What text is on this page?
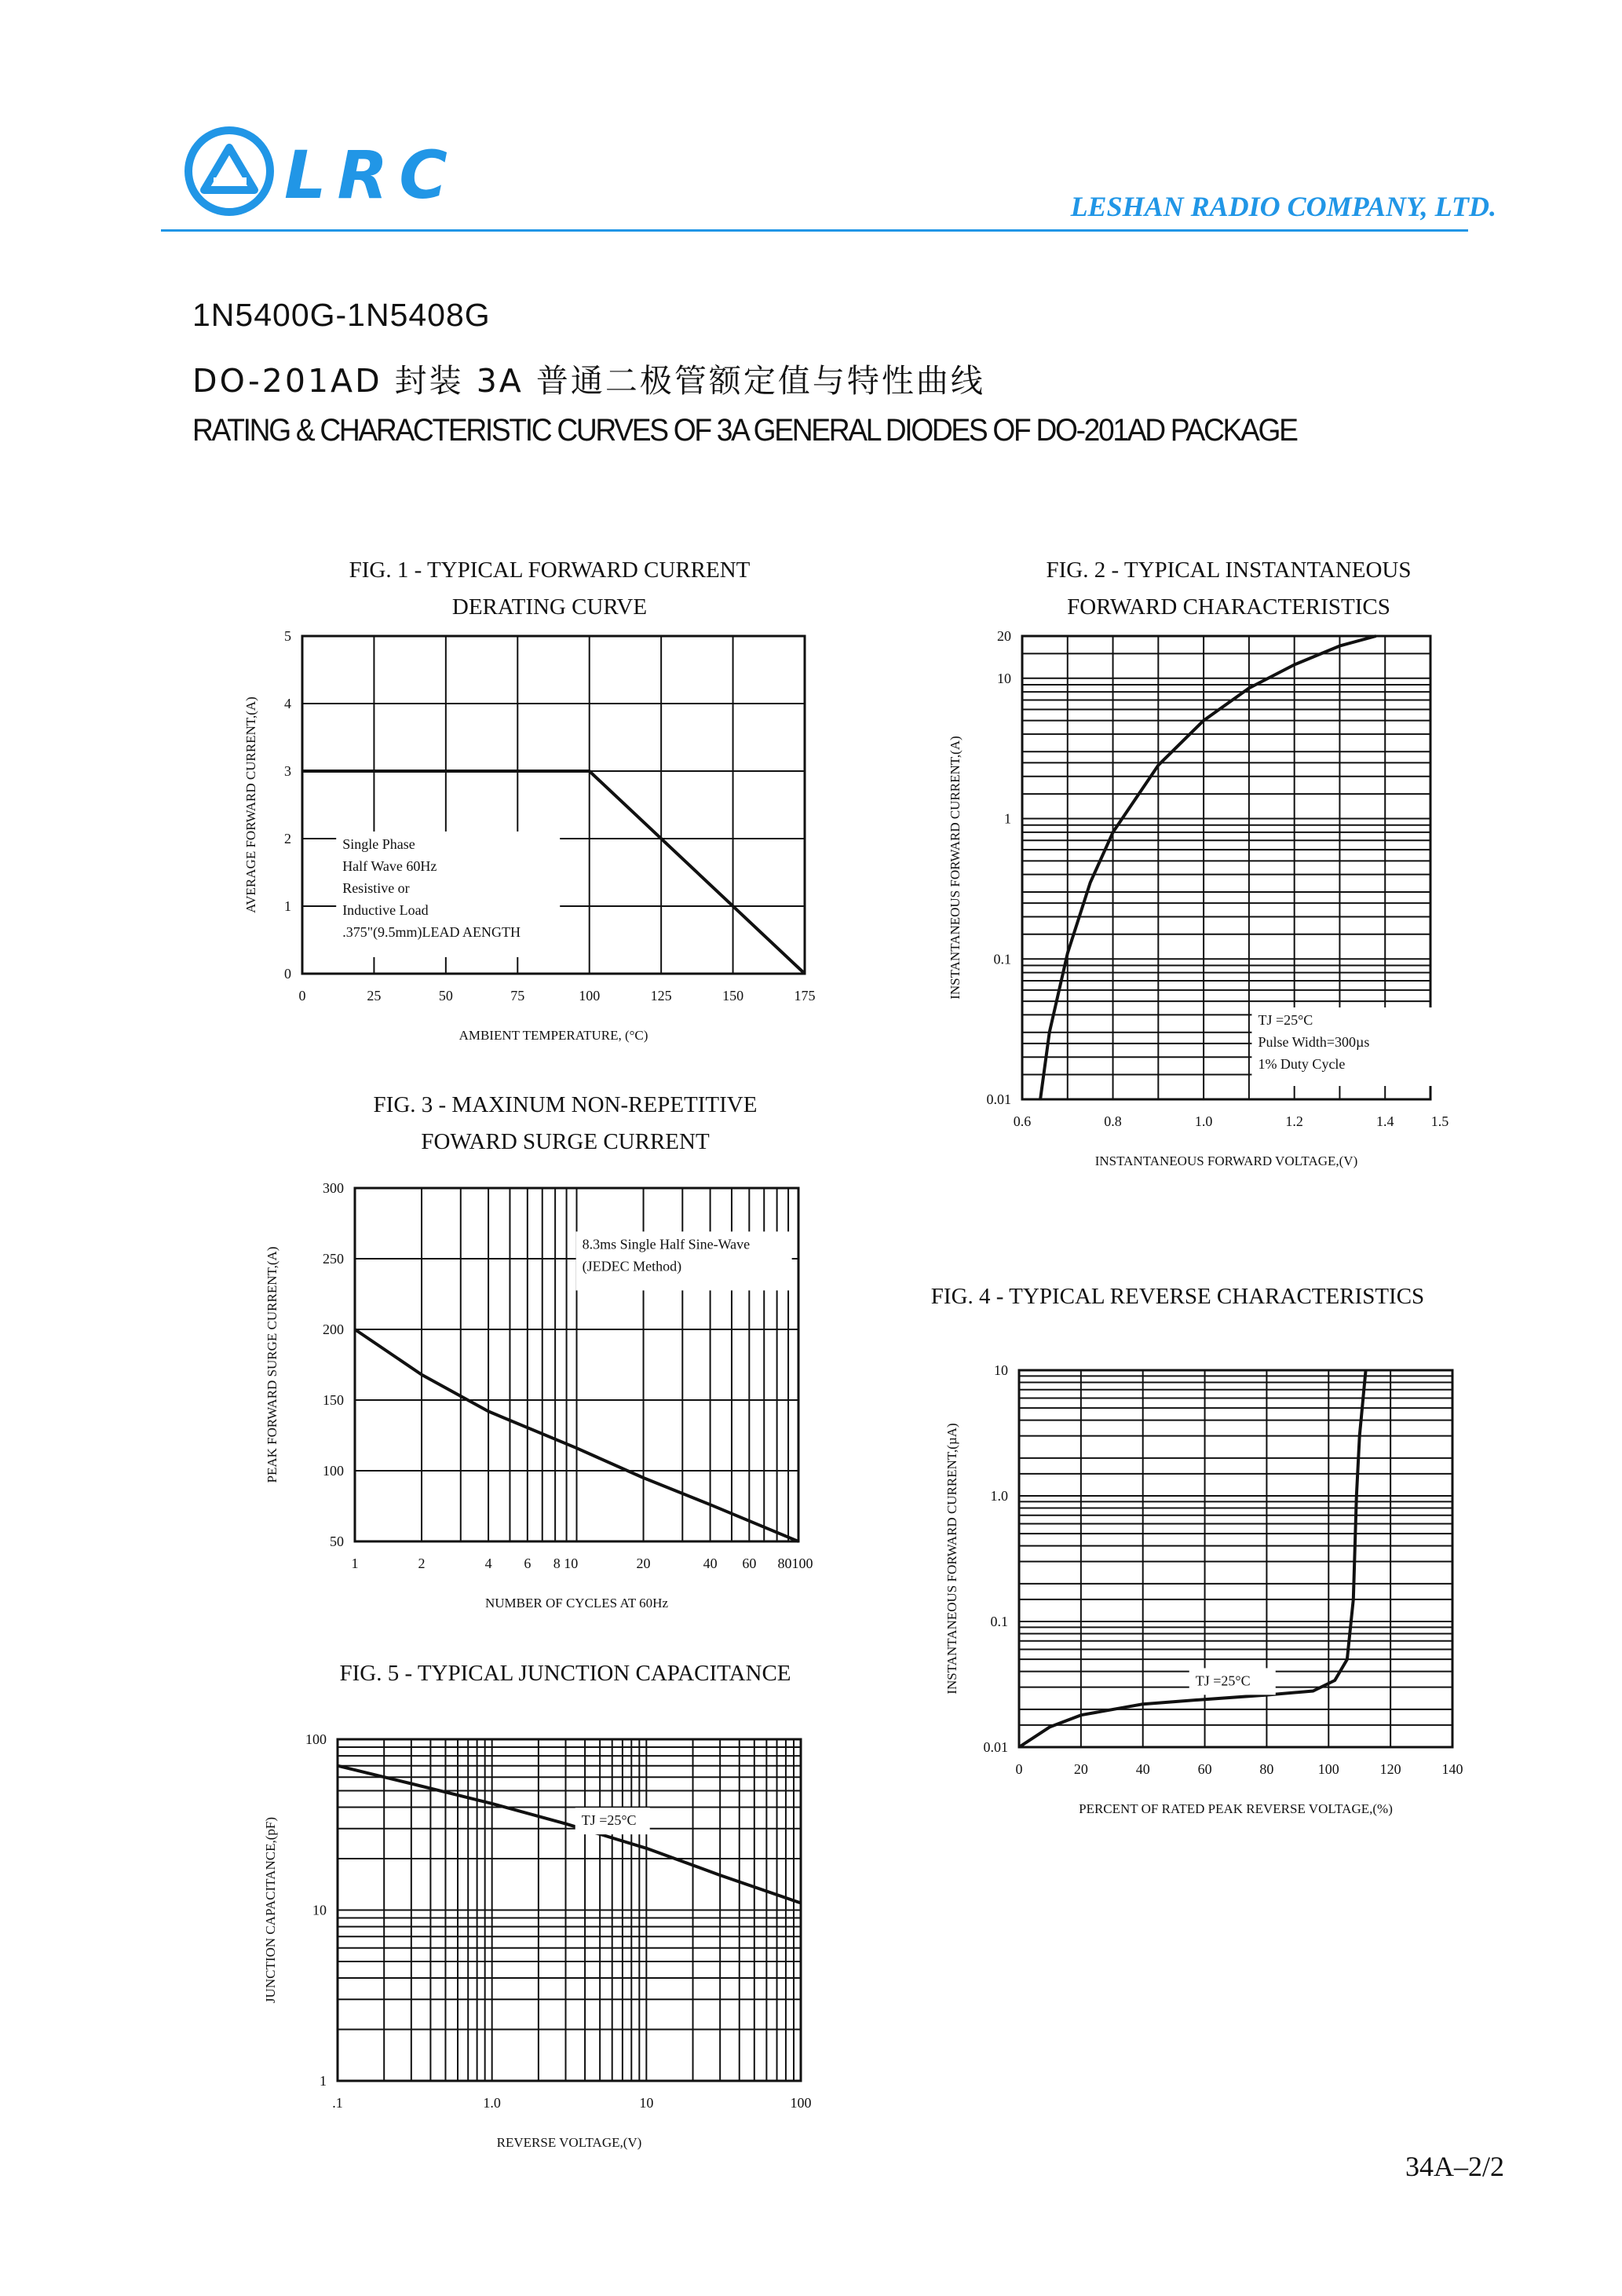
LRC	LESHAN RADIO COMPANY, LTD.
1N5400G-1N5408G
DO-201AD 封装 3A 普通二极管额定值与特性曲线
RATING & CHARACTERISTIC CURVES OF 3A GENERAL DIODES OF DO-201AD PACKAGE
FIG. 1 - TYPICAL FORWARD CURRENT
DERATING CURVE
FIG. 2 - TYPICAL INSTANTANEOUS
FORWARD CHARACTERISTICS
FIG. 3 - MAXINUM NON-REPETITIVE
FOWARD SURGE CURRENT
FIG. 4 - TYPICAL REVERSE CHARACTERISTICS
FIG. 5 - TYPICAL JUNCTION CAPACITANCE
0	25	50	75	100	125	150	175
0
1
2
3
4
5
AMBIENT TEMPERATURE, (°C)
AVERAGE FORWARD CURRENT,(A)	Single Phase
Half Wave 60Hz
Resistive or
Inductive Load
.375"(9.5mm)LEAD AENGTH
0.6	0.8	1.0	1.2	1.4	1.5
0.01
0.1
1
10
20
INSTANTANEOUS FORWARD VOLTAGE,(V)
INSTANTANEOUS FORWARD CURRENT,(A)
TJ =25°C
Pulse Width=300µs
1% Duty Cycle
1	2	4 6 8 10	20	40 60 80100
50
100
150
200
250
300
NUMBER OF CYCLES AT 60Hz
PEAK FORWARD SURGE CURRENT,(A)
8.3ms Single Half Sine-Wave
(JEDEC Method)
0	20	40	60	80	100	120	140
0.01
0.1
1.0
10
PERCENT OF RATED PEAK REVERSE VOLTAGE,(%)
INSTANTANEOUS FORWARD CURRENT,(µA)	TJ =25°C
.1	1.0	10	100
1
10
100
REVERSE VOLTAGE,(V)
JUNCTION CAPACITANCE,(pF)	TJ =25°C
34A–2/2
